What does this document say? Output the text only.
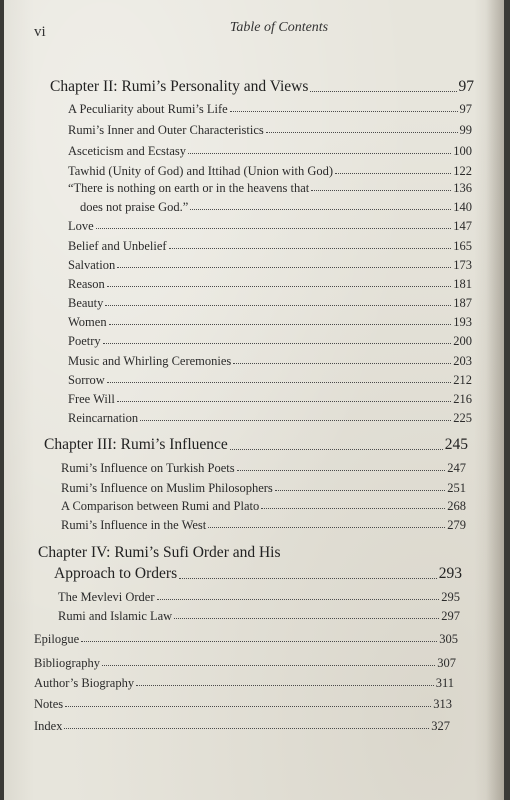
vi	Table of Contents
Chapter II: Rumi’s Personality and Views	97
A Peculiarity about Rumi’s Life	97
Rumi’s Inner and Outer Characteristics	99
Asceticism and Ecstasy	100
Tawhid (Unity of God) and Ittihad (Union with God)	122
“There is nothing on earth or in the heavens that	136
does not praise God.”	140
Love	147
Belief and Unbelief	165
Salvation	173
Reason	181
Beauty	187
Women	193
Poetry	200
Music and Whirling Ceremonies	203
Sorrow	212
Free Will	216
Reincarnation	225
Chapter III: Rumi’s Influence	245
Rumi’s Influence on Turkish Poets	247
Rumi’s Influence on Muslim Philosophers	251
A Comparison between Rumi and Plato	268
Rumi’s Influence in the West	279
Chapter IV: Rumi’s Sufi Order and His
Approach to Orders	293
The Mevlevi Order	295
Rumi and Islamic Law	297
Epilogue	305
Bibliography	307
Author’s Biography	311
Notes	313
Index	327
